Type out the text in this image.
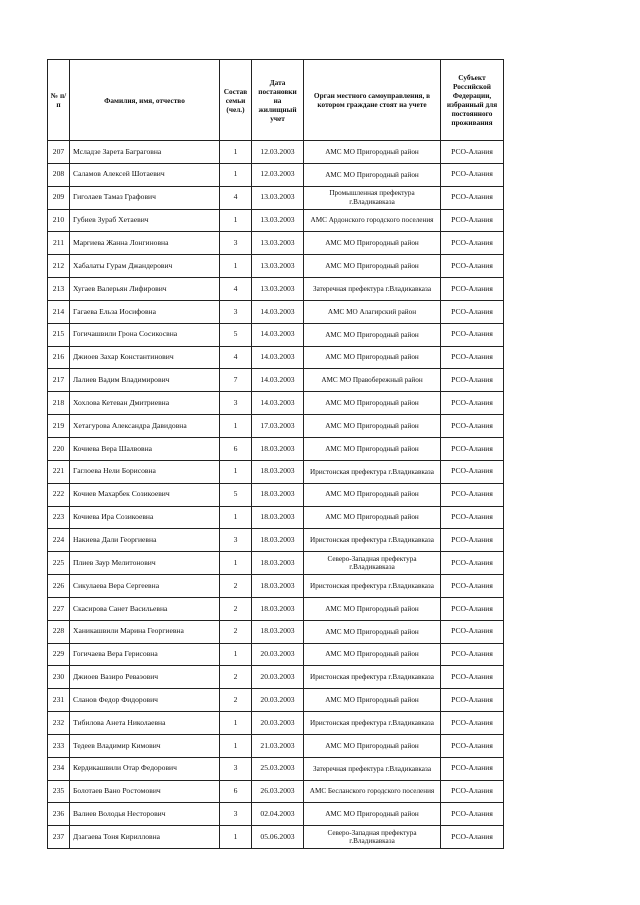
№ п/п	Фамилия, имя, отчество	Состав семьи (чел.)	Дата постановки на жилищный учет	Орган местного самоуправления, в котором граждане стоят на учете	Субъект Российской Федерации, избранный для постоянного проживания
207	Мсладзе Зарета Баграговна	1	12.03.2003	АМС МО Пригородный район	РСО-Алания
208	Саламов Алексей Шотаевич	1	12.03.2003	АМС МО Пригородный район	РСО-Алания
209	Гиголаев Тамаз Графович	4	13.03.2003	Промышленная префектура г.Владикавказа	РСО-Алания
210	Губиев Зураб Хетаевич	1	13.03.2003	АМС Ардонского городского поселения	РСО-Алания
211	Маргиева Жанна Лонгиновна	3	13.03.2003	АМС МО Пригородный район	РСО-Алания
212	Хабалаты Гурам Джандерович	1	13.03.2003	АМС МО Пригородный район	РСО-Алания
213	Хугаев Валерьян Лифирович	4	13.03.2003	Затеречная префектура г.Владикавказа	РСО-Алания
214	Гагаева Ельза Иосифовна	3	14.03.2003	АМС МО Алагирский район	РСО-Алания
215	Гогичашвили Грона Сосикосвна	5	14.03.2003	АМС МО Пригородный район	РСО-Алания
216	Джиоев Захар Константинович	4	14.03.2003	АМС МО Пригородный район	РСО-Алания
217	Лалиев Вадим Владимирович	7	14.03.2003	АМС МО Правобережный район	РСО-Алания
218	Хохлова Кетеван Дмитриевна	3	14.03.2003	АМС МО Пригородный район	РСО-Алания
219	Хетагурова Александра Давидовна	1	17.03.2003	АМС МО Пригородный район	РСО-Алания
220	Кочиева Вера Шалвовна	6	18.03.2003	АМС МО Пригородный район	РСО-Алания
221	Гаглоева Нели Борисовна	1	18.03.2003	Иристонская префектура г.Владикавказа	РСО-Алания
222	Кочиев Махарбек Созикоевич	5	18.03.2003	АМС МО Пригородный район	РСО-Алания
223	Кочиева Ира Созикоевна	1	18.03.2003	АМС МО Пригородный район	РСО-Алания
224	Накиева Дали Георгиевна	3	18.03.2003	Иристонская префектура г.Владикавказа	РСО-Алания
225	Плиев Заур Мелитонович	1	18.03.2003	Северо-Западная префектура г.Владикавказа	РСО-Алания
226	Сикулаева Вера Сергеевна	2	18.03.2003	Иристонская префектура г.Владикавказа	РСО-Алания
227	Скасирова Санет Васильевна	2	18.03.2003	АМС МО Пригородный район	РСО-Алания
228	Ханикашвили Марина Георгиевна	2	18.03.2003	АМС МО Пригородный район	РСО-Алания
229	Гогичаева Вера Герисовна	1	20.03.2003	АМС МО Пригородный район	РСО-Алания
230	Джиоев Вазиро Реваэович	2	20.03.2003	Иристонская префектура г.Владикавказа	РСО-Алания
231	Сланов Федор Фидорович	2	20.03.2003	АМС МО Пригородный район	РСО-Алания
232	Тибилова Анета Николаевна	1	20.03.2003	Иристонская префектура г.Владикавказа	РСО-Алания
233	Тедеев Владимир Кимович	1	21.03.2003	АМС МО Пригородный район	РСО-Алания
234	Кердикашвили Отар Федорович	3	25.03.2003	Затеречная префектура г.Владикавказа	РСО-Алания
235	Болотаев Вано Ростомович	6	26.03.2003	АМС Бесланского городского поселения	РСО-Алания
236	Валиев Володья Несторович	3	02.04.2003	АМС МО Пригородный район	РСО-Алания
237	Дзагаева Тоня Кирилловна	1	05.06.2003	Северо-Западная префектура г.Владикавказа	РСО-Алания
